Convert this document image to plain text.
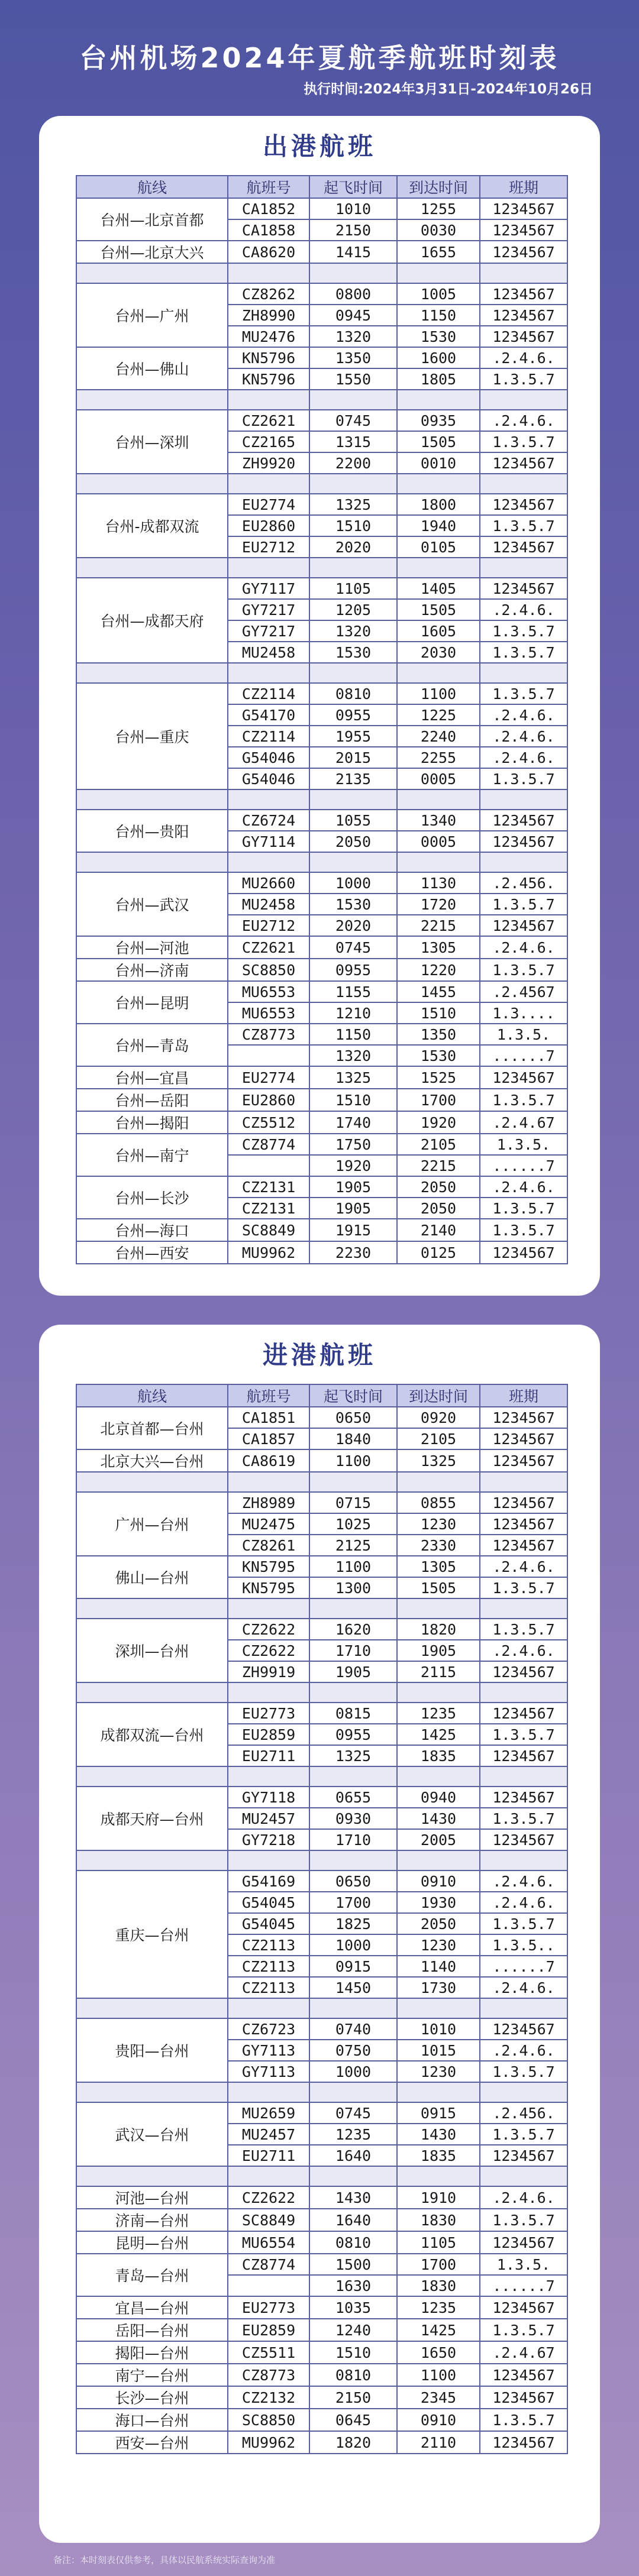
台州机场2024年夏航季航班时刻表
执行时间:2024年3月31日-2024年10月26日
出港航班
航线	航班号	起飞时间	到达时间	班期
台州—北京首都	CA1852	1010	1255	1234567
	CA1858	2150	0030	1234567
台州—北京大兴	CA8620	1415	1655	1234567

台州—广州	CZ8262	0800	1005	1234567
	ZH8990	0945	1150	1234567
	MU2476	1320	1530	1234567
台州—佛山	KN5796	1350	1600	.2.4.6.
	KN5796	1550	1805	1.3.5.7

台州—深圳	CZ2621	0745	0935	.2.4.6.
	CZ2165	1315	1505	1.3.5.7
	ZH9920	2200	0010	1234567

台州-成都双流	EU2774	1325	1800	1234567
	EU2860	1510	1940	1.3.5.7
	EU2712	2020	0105	1234567

台州—成都天府	GY7117	1105	1405	1234567
	GY7217	1205	1505	.2.4.6.
	GY7217	1320	1605	1.3.5.7
	MU2458	1530	2030	1.3.5.7

台州—重庆	CZ2114	0810	1100	1.3.5.7
	G54170	0955	1225	.2.4.6.
	CZ2114	1955	2240	.2.4.6.
	G54046	2015	2255	.2.4.6.
	G54046	2135	0005	1.3.5.7

台州—贵阳	CZ6724	1055	1340	1234567
	GY7114	2050	0005	1234567

台州—武汉	MU2660	1000	1130	.2.456.
	MU2458	1530	1720	1.3.5.7
	EU2712	2020	2215	1234567
台州—河池	CZ2621	0745	1305	.2.4.6.
台州—济南	SC8850	0955	1220	1.3.5.7
台州—昆明	MU6553	1155	1455	.2.4567
	MU6553	1210	1510	1.3....
台州—青岛	CZ8773	1150	1350	1.3.5.
		1320	1530	......7
台州—宜昌	EU2774	1325	1525	1234567
台州—岳阳	EU2860	1510	1700	1.3.5.7
台州—揭阳	CZ5512	1740	1920	.2.4.67
台州—南宁	CZ8774	1750	2105	1.3.5.
		1920	2215	......7
台州—长沙	CZ2131	1905	2050	.2.4.6.
	CZ2131	1905	2050	1.3.5.7
台州—海口	SC8849	1915	2140	1.3.5.7
台州—西安	MU9962	2230	0125	1234567
进港航班
航线	航班号	起飞时间	到达时间	班期
北京首都—台州	CA1851	0650	0920	1234567
	CA1857	1840	2105	1234567
北京大兴—台州	CA8619	1100	1325	1234567

广州—台州	ZH8989	0715	0855	1234567
	MU2475	1025	1230	1234567
	CZ8261	2125	2330	1234567
佛山—台州	KN5795	1100	1305	.2.4.6.
	KN5795	1300	1505	1.3.5.7

深圳—台州	CZ2622	1620	1820	1.3.5.7
	CZ2622	1710	1905	.2.4.6.
	ZH9919	1905	2115	1234567

成都双流—台州	EU2773	0815	1235	1234567
	EU2859	0955	1425	1.3.5.7
	EU2711	1325	1835	1234567

成都天府—台州	GY7118	0655	0940	1234567
	MU2457	0930	1430	1.3.5.7
	GY7218	1710	2005	1234567

重庆—台州	G54169	0650	0910	.2.4.6.
	G54045	1700	1930	.2.4.6.
	G54045	1825	2050	1.3.5.7
	CZ2113	1000	1230	1.3.5..
	CZ2113	0915	1140	......7
	CZ2113	1450	1730	.2.4.6.

贵阳—台州	CZ6723	0740	1010	1234567
	GY7113	0750	1015	.2.4.6.
	GY7113	1000	1230	1.3.5.7

武汉—台州	MU2659	0745	0915	.2.456.
	MU2457	1235	1430	1.3.5.7
	EU2711	1640	1835	1234567

河池—台州	CZ2622	1430	1910	.2.4.6.
济南—台州	SC8849	1640	1830	1.3.5.7
昆明—台州	MU6554	0810	1105	1234567
青岛—台州	CZ8774	1500	1700	1.3.5.
		1630	1830	......7
宜昌—台州	EU2773	1035	1235	1234567
岳阳—台州	EU2859	1240	1425	1.3.5.7
揭阳—台州	CZ5511	1510	1650	.2.4.67
南宁—台州	CZ8773	0810	1100	1234567
长沙—台州	CZ2132	2150	2345	1234567
海口—台州	SC8850	0645	0910	1.3.5.7
西安—台州	MU9962	1820	2110	1234567
备注：本时刻表仅供参考，具体以民航系统实际查询为准
